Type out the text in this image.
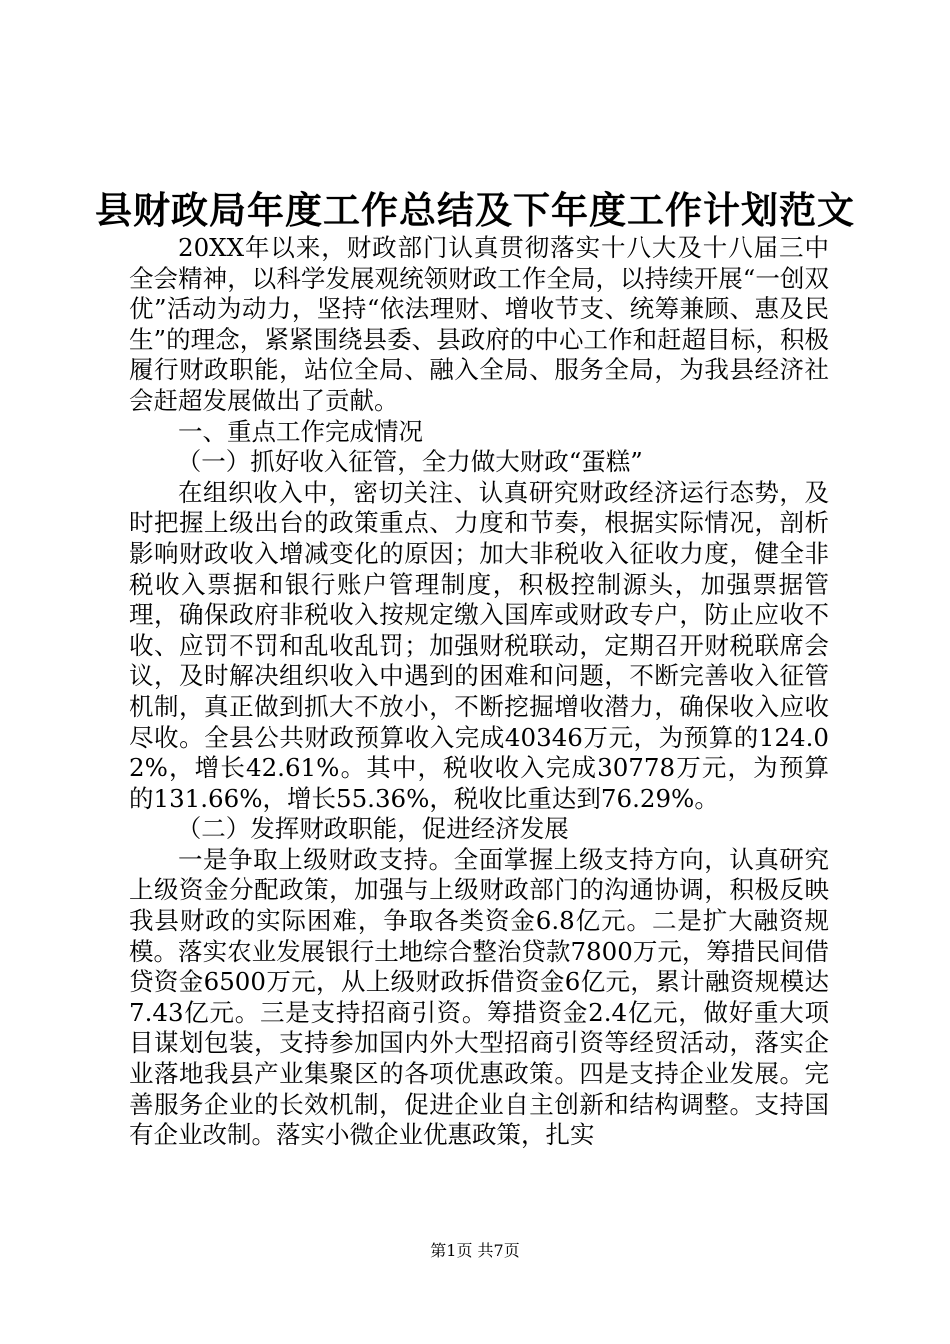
县财政局年度工作总结及下年度工作计划范文

20XX年以来，财政部门认真贯彻落实十八大及十八届三中全会精神，以科学发展观统领财政工作全局，以持续开展“一创双优”活动为动力，坚持“依法理财、增收节支、统筹兼顾、惠及民生”的理念，紧紧围绕县委、县政府的中心工作和赶超目标，积极履行财政职能，站位全局、融入全局、服务全局，为我县经济社会赶超发展做出了贡献。

一、重点工作完成情况

（一）抓好收入征管，全力做大财政“蛋糕”

在组织收入中，密切关注、认真研究财政经济运行态势，及时把握上级出台的政策重点、力度和节奏，根据实际情况，剖析影响财政收入增减变化的原因；加大非税收入征收力度，健全非税收入票据和银行账户管理制度，积极控制源头，加强票据管理，确保政府非税收入按规定缴入国库或财政专户，防止应收不收、应罚不罚和乱收乱罚；加强财税联动，定期召开财税联席会议，及时解决组织收入中遇到的困难和问题，不断完善收入征管机制，真正做到抓大不放小，不断挖掘增收潜力，确保收入应收尽收。全县公共财政预算收入完成40346万元，为预算的124.02%，增长42.61%。其中，税收收入完成30778万元，为预算的131.66%，增长55.36%，税收比重达到76.29%。

（二）发挥财政职能，促进经济发展

一是争取上级财政支持。全面掌握上级支持方向，认真研究上级资金分配政策，加强与上级财政部门的沟通协调，积极反映我县财政的实际困难，争取各类资金6.8亿元。二是扩大融资规模。落实农业发展银行土地综合整治贷款7800万元，筹措民间借贷资金6500万元，从上级财政拆借资金6亿元，累计融资规模达7.43亿元。三是支持招商引资。筹措资金2.4亿元，做好重大项目谋划包装，支持参加国内外大型招商引资等经贸活动，落实企业落地我县产业集聚区的各项优惠政策。四是支持企业发展。完善服务企业的长效机制，促进企业自主创新和结构调整。支持国有企业改制。落实小微企业优惠政策，扎实

第1页 共7页
